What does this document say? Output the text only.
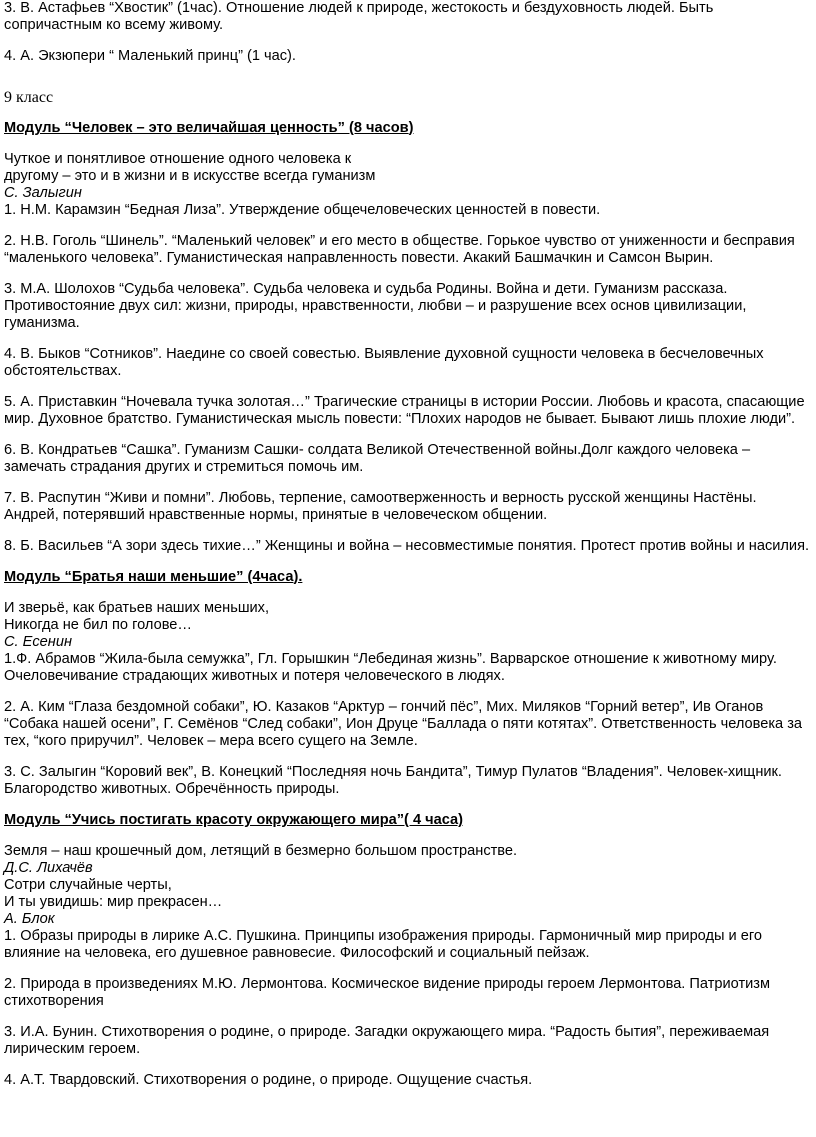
3. В. Астафьев “Хвостик” (1час). Отношение людей к природе, жестокость и бездуховность людей. Быть сопричастным ко всему живому.

4. А. Экзюпери “ Маленький принц” (1 час).

9 класс

Модуль “Человек – это величайшая ценность” (8 часов)

Чуткое и понятливое отношение одного человека к

другому – это и в жизни и в искусстве всегда гуманизм

С. Залыгин

1. Н.М. Карамзин “Бедная Лиза”. Утверждение общечеловеческих ценностей в повести.

2. Н.В. Гоголь “Шинель”. “Маленький человек” и его место в обществе. Горькое чувство от униженности и бесправия “маленького человека”. Гуманистическая направленность повести. Акакий Башмачкин и Самсон Вырин.

3. М.А. Шолохов “Судьба человека”. Судьба человека и судьба Родины. Война и дети. Гуманизм рассказа. Противостояние двух сил: жизни, природы, нравственности, любви – и разрушение всех основ цивилизации, гуманизма.

4. В. Быков “Сотников”. Наедине со своей совестью. Выявление духовной сущности человека в бесчеловечных обстоятельствах.

5. А. Приставкин “Ночевала тучка золотая…” Трагические страницы в истории России. Любовь и красота, спасающие мир. Духовное братство. Гуманистическая мысль повести: “Плохих народов не бывает. Бывают лишь плохие люди”.

6. В. Кондратьев “Сашка”. Гуманизм Сашки- солдата Великой Отечественной войны.Долг каждого человека – замечать страдания других и стремиться помочь им.

7. В. Распутин “Живи и помни”. Любовь, терпение, самоотверженность и верность русской женщины Настёны. Андрей, потерявший нравственные нормы, принятые в человеческом общении.

8. Б. Васильев “А зори здесь тихие…” Женщины и война – несовместимые понятия. Протест против войны и насилия.

Модуль “Братья наши меньшие” (4часа).

И зверьё, как братьев наших меньших,

Никогда не бил по голове…

С. Есенин

1.Ф. Абрамов “Жила-была семужка”, Гл. Горышкин “Лебединая жизнь”. Варварское отношение к животному миру. Очеловечивание страдающих животных и потеря человеческого в людях.

2. А. Ким “Глаза бездомной собаки”, Ю. Казаков “Арктур – гончий пёс”, Мих. Миляков “Горний ветер”, Ив Оганов “Собака нашей осени”, Г. Семёнов “След собаки”, Ион Друце “Баллада о пяти котятах”. Ответственность человека за тех, “кого приручил”. Человек – мера всего сущего на Земле.

3. С. Залыгин “Коровий век”, В. Конецкий “Последняя ночь Бандита”, Тимур Пулатов “Владения”. Человек-хищник. Благородство животных. Обречённость природы.

Модуль “Учись постигать красоту окружающего мира”( 4 часа)

Земля – наш крошечный дом, летящий в безмерно большом пространстве.

Д.С. Лихачёв

Сотри случайные черты,

И ты увидишь: мир прекрасен…

А. Блок

1. Образы природы в лирике А.С. Пушкина. Принципы изображения природы. Гармоничный мир природы и его влияние на человека, его душевное равновесие. Философский и социальный пейзаж.

2. Природа в произведениях М.Ю. Лермонтова. Космическое видение природы героем Лермонтова. Патриотизм стихотворения

3. И.А. Бунин. Стихотворения о родине, о природе. Загадки окружающего мира. “Радость бытия”, переживаемая лирическим героем.

4. А.Т. Твардовский. Стихотворения о родине, о природе. Ощущение счастья.
